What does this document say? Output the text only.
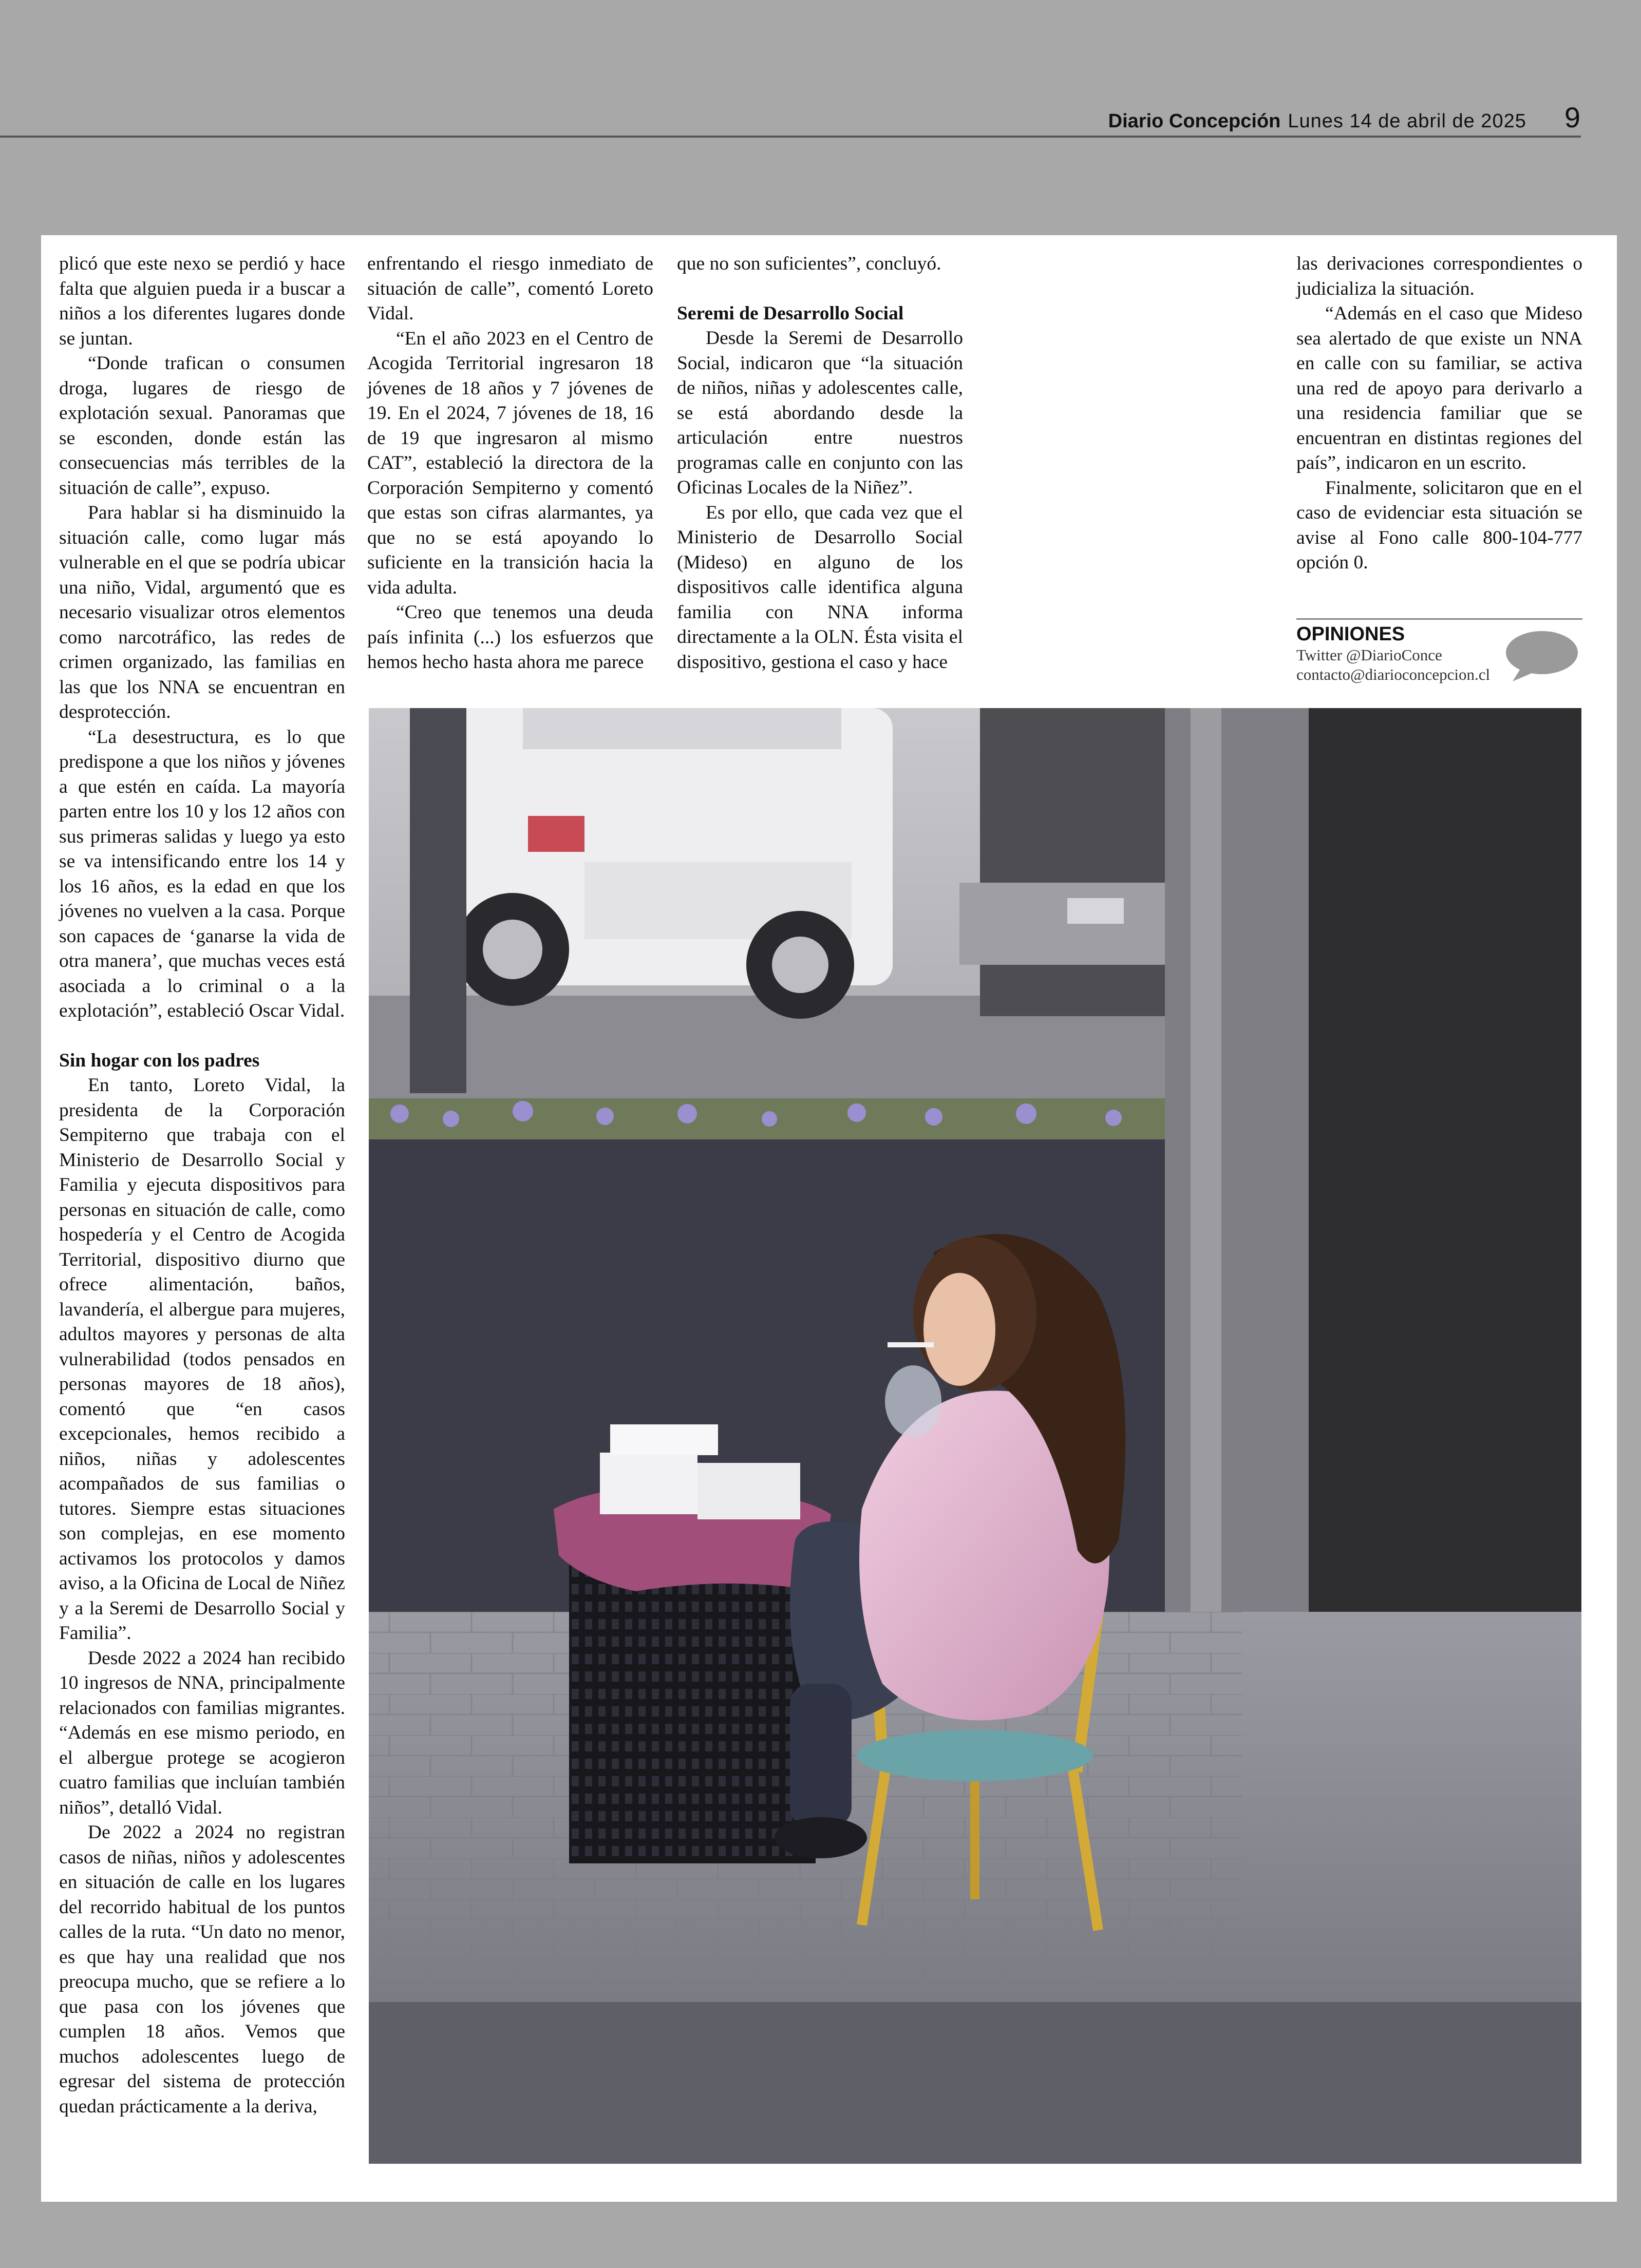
Diario Concepción Lunes 14 de abril de 2025 9

plicó que este nexo se perdió y hace falta que alguien pueda ir a buscar a niños a los diferentes lugares donde se juntan.

“Donde trafican o consumen droga, lugares de riesgo de explotación sexual. Panoramas que se esconden, donde están las consecuencias más terribles de la situación de calle”, expuso.

Para hablar si ha disminuido la situación calle, como lugar más vulnerable en el que se podría ubicar una niño, Vidal, argumentó que es necesario visualizar otros elementos como narcotráfico, las redes de crimen organizado, las familias en las que los NNA se encuentran en desprotección.

“La desestructura, es lo que predispone a que los niños y jóvenes a que estén en caída. La mayoría parten entre los 10 y los 12 años con sus primeras salidas y luego ya esto se va intensificando entre los 14 y los 16 años, es la edad en que los jóvenes no vuelven a la casa. Porque son capaces de ‘ganarse la vida de otra manera’, que muchas veces está asociada a lo criminal o a la explotación”, estableció Oscar Vidal.

Sin hogar con los padres

En tanto, Loreto Vidal, la presidenta de la Corporación Sempiterno que trabaja con el Ministerio de Desarrollo Social y Familia y ejecuta dispositivos para personas en situación de calle, como hospedería y el Centro de Acogida Territorial, dispositivo diurno que ofrece alimentación, baños, lavandería, el albergue para mujeres, adultos mayores y personas de alta vulnerabilidad (todos pensados en personas mayores de 18 años), comentó que “en casos excepcionales, hemos recibido a niños, niñas y adolescentes acompañados de sus familias o tutores. Siempre estas situaciones son complejas, en ese momento activamos los protocolos y damos aviso, a la Oficina de Local de Niñez y a la Seremi de Desarrollo Social y Familia”.

Desde 2022 a 2024 han recibido 10 ingresos de NNA, principalmente relacionados con familias migrantes. “Además en ese mismo periodo, en el albergue protege se acogieron cuatro familias que incluían también niños”, detalló Vidal.

De 2022 a 2024 no registran casos de niñas, niños y adolescentes en situación de calle en los lugares del recorrido habitual de los puntos calles de la ruta. “Un dato no menor, es que hay una realidad que nos preocupa mucho, que se refiere a lo que pasa con los jóvenes que cumplen 18 años. Vemos que muchos adolescentes luego de egresar del sistema de protección quedan prácticamente a la deriva,

enfrentando el riesgo inmediato de situación de calle”, comentó Loreto Vidal.

“En el año 2023 en el Centro de Acogida Territorial ingresaron 18 jóvenes de 18 años y 7 jóvenes de 19. En el 2024, 7 jóvenes de 18, 16 de 19 que ingresaron al mismo CAT”, estableció la directora de la Corporación Sempiterno y comentó que estas son cifras alarmantes, ya que no se está apoyando lo suficiente en la transición hacia la vida adulta.

“Creo que tenemos una deuda país infinita (...) los esfuerzos que hemos hecho hasta ahora me parece

que no son suficientes”, concluyó.

Seremi de Desarrollo Social

Desde la Seremi de Desarrollo Social, indicaron que “la situación de niños, niñas y adolescentes calle, se está abordando desde la articulación entre nuestros programas calle en conjunto con las Oficinas Locales de la Niñez”.

Es por ello, que cada vez que el Ministerio de Desarrollo Social (Mideso) en alguno de los dispositivos calle identifica alguna familia con NNA informa directamente a la OLN. Ésta visita el dispositivo, gestiona el caso y hace

las derivaciones correspondientes o judicializa la situación.

“Además en el caso que Mideso sea alertado de que existe un NNA en calle con su familiar, se activa una red de apoyo para derivarlo a una residencia familiar que se encuentran en distintas regiones del país”, indicaron en un escrito.

Finalmente, solicitaron que en el caso de evidenciar esta situación se avise al Fono calle 800-104-777 opción 0.

OPINIONES
Twitter @DiarioConce
contacto@diarioconcepcion.cl
